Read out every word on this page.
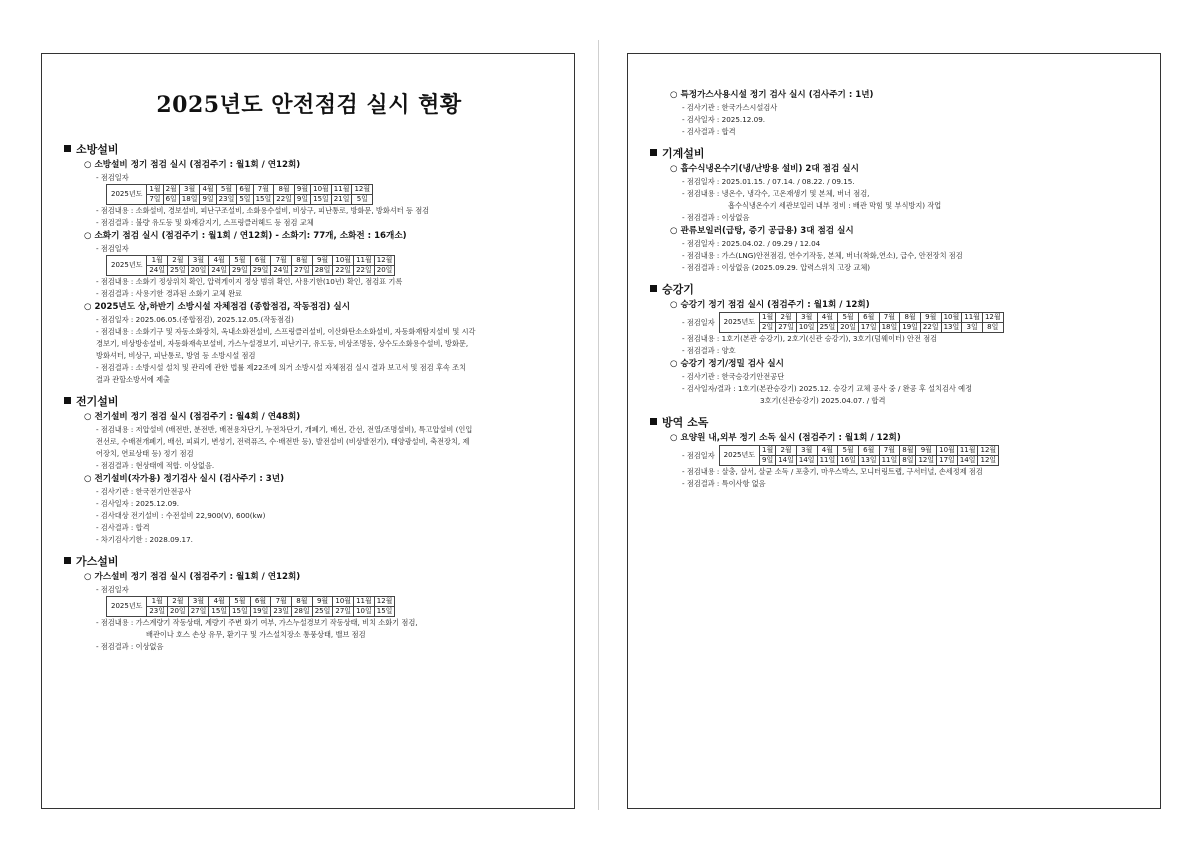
2025년도 안전점검 실시 현황
소방설비
○ 소방설비 정기 점검 실시 (점검주기 : 월1회 / 연12회)
- 점검일자
2025년도	1월	2월	3월	4월	5월	6월	7월	8월	9월	10월	11월	12월
	7일	6일	18일	9일	23일	5일	15일	22일	9일	15일	21일	5일
- 점검내용 : 소화설비, 경보설비, 피난구조설비, 소화용수설비, 비상구, 피난통로, 방화문, 방화셔터 등 점검
- 점검결과 : 불량 유도등 및 화재감지기, 스프링클러헤드 등 점검 교체
○ 소화기 점검 실시 (점검주기 : 월1회 / 연12회) - 소화기: 77개, 소화전 : 16개소)
- 점검일자
2025년도	1월	2월	3월	4월	5월	6월	7월	8월	9월	10월	11월	12월
	24일	25일	20일	24일	29일	29일	24일	27일	28일	22일	22일	20일
- 점검내용 : 소화기 정상위치 확인, 압력게이지 정상 범위 확인, 사용기한(10년) 확인, 점검표 기록
- 점검결과 : 사용기한 경과된 소화기 교체 완료
○ 2025년도 상,하반기 소방시설 자체점검 (종합점검, 작동점검) 실시
- 점검일자 : 2025.06.05.(종합점검), 2025.12.05.(작동점검)
- 점검내용 : 소화기구 및 자동소화장치, 옥내소화전설비, 스프링클러설비, 이산화탄소소화설비, 자동화재탐지설비 및 시각
경보기, 비상방송설비, 자동화재속보설비, 가스누설경보기, 피난기구, 유도등, 비상조명등, 상수도소화용수설비, 방화문,
방화셔터, 비상구, 피난통로, 방염 등 소방시설 점검
- 점검결과 : 소방시설 설치 및 관리에 관한 법률 제22조에 의거 소방시설 자체점검 실시 결과 보고서 및 점검 후속 조치
결과 관할소방서에 제출
전기설비
○ 전기설비 정기 점검 실시 (점검주기 : 월4회 / 연48회)
- 점검내용 : 저압설비 (배전반, 분전반, 배전용차단기, 누전차단기, 개폐기, 배선, 간선, 전열/조명설비), 특고압설비 (인입
전선로, 수배전개폐기, 배선, 피뢰기, 변성기, 전력퓨즈, 수·배전반 등), 발전설비 (비상발전기), 태양광설비, 축전장치, 제
어장치, 연료상태 등) 정기 점검
- 점검결과 : 현상태에 적합. 이상없음.
○ 전기설비(자가용) 정기검사 실시 (검사주기 : 3년)
- 검사기관 : 한국전기안전공사
- 검사일자 : 2025.12.09.
- 검사대상 전기설비 : 수전설비 22,900(V), 600(kw)
- 검사결과 : 합격
- 차기검사기한 : 2028.09.17.
가스설비
○ 가스설비 정기 점검 실시 (점검주기 : 월1회 / 연12회)
- 점검일자
2025년도	1월	2월	3월	4월	5월	6월	7월	8월	9월	10월	11월	12월
	23일	20일	27일	15일	15일	19일	23일	28일	25일	27일	10일	15일
- 점검내용 : 가스계량기 작동상태, 계량기 주변 화기 여부, 가스누설경보기 작동상태, 비치 소화기 점검,
배관이나 호스 손상 유무, 환기구 및 가스설치장소 통풍상태, 밸브 점검
- 점검결과 : 이상없음
○ 특정가스사용시설 정기 검사 실시 (검사주기 : 1년)
- 검사기관 : 한국가스시설검사
- 검사일자 : 2025.12.09.
- 검사결과 : 합격
기계설비
○ 흡수식냉온수기(냉/난방용 설비) 2대 점검 실시
- 점검일자 : 2025.01.15. / 07.14. / 08.22. / 09.15.
- 점검내용 : 냉온수, 냉각수, 고온재생기 및 본체, 버너 점검,
흡수식냉온수기 세관보일러 내부 정비 : 배관 막힘 및 부식방지) 작업
- 점검결과 : 이상없음
○ 관류보일러(급탕, 증기 공급용) 3대 점검 실시
- 점검일자 : 2025.04.02. / 09.29 / 12.04
- 점검내용 : 가스(LNG)안전점검, 연수기작동, 본체, 버너(착화,연소), 급수, 안전장치 점검
- 점검결과 : 이상없음 (2025.09.29. 압력스위치 고장 교체)
승강기
○ 승강기 정기 점검 실시 (점검주기 : 월1회 / 12회)
- 점검일자 2025년도	1월	2월	3월	4월	5월	6월	7월	8월	9월	10월	11월	12월
	2일	27일	10일	25일	20일	17일	18일	19일	22일	13일	3일	8일
- 점검내용 : 1호기(본관 승강기), 2호기(신관 승강기), 3호기(덤웨이터) 안전 점검
- 점검결과 : 양호
○ 승강기 정기/정밀 검사 실시
- 검사기관 : 한국승강기안전공단
- 검사일자/결과 : 1호기(본관승강기) 2025.12. 승강기 교체 공사 중 / 완공 후 설치검사 예정
3호기(신관승강기) 2025.04.07. / 합격
방역 소독
○ 요양원 내,외부 정기 소독 실시 (점검주기 : 월1회 / 12회)
- 점검일자 2025년도	1월	2월	3월	4월	5월	6월	7월	8월	9월	10월	11월	12월
	9일	14일	14일	11일	16일	13일	11일	8일	12일	17일	14일	12일
- 점검내용 : 살충, 살서, 살균 소독 / 포충기, 마우스박스, 모니터링트랩, 구서터널, 손세정제 점검
- 점검결과 : 특이사항 없음
